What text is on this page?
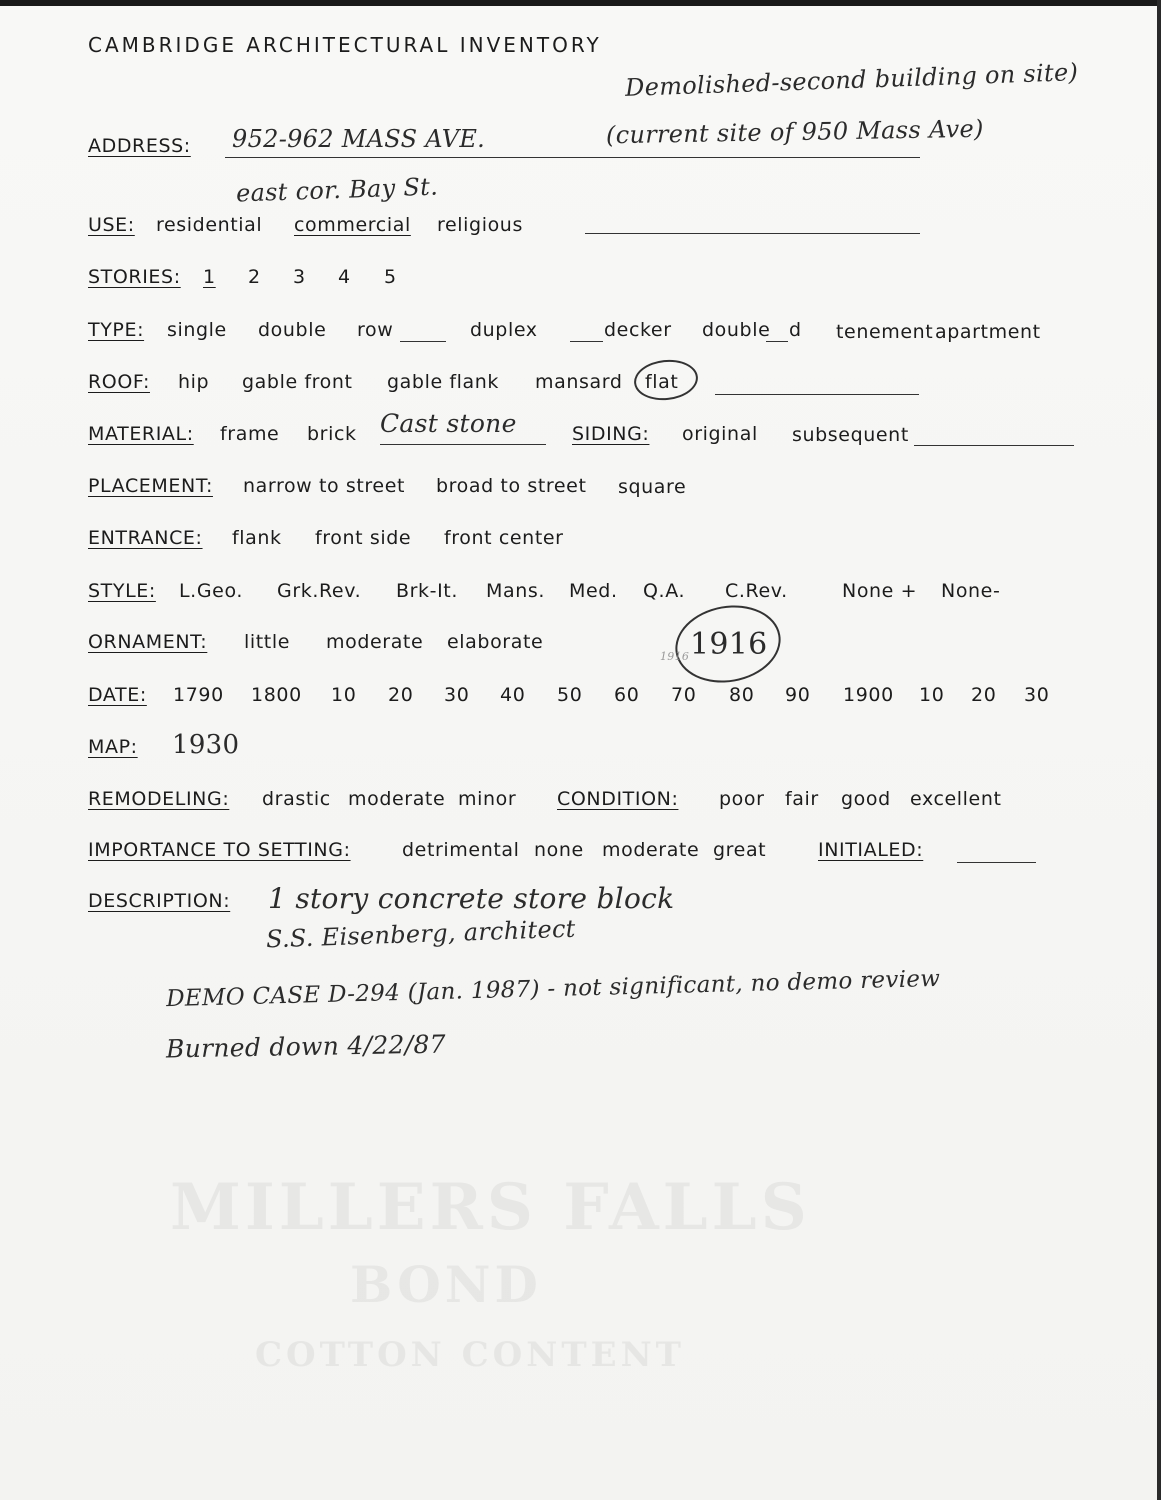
MILLERS FALLS
BOND
COTTON CONTENT
CAMBRIDGE ARCHITECTURAL INVENTORY
Demolished-second building on site)
(current site of 950 Mass Ave)
ADDRESS: 952-962 MASS AVE.
east cor. Bay St.
USE: residential commercial religious
STORIES: 1 2 3 4 5
TYPE: single double row	duplex	decker double d tenement apartment
ROOF: hip gable front gable flank mansard flat
MATERIAL: frame brick Cast stone	SIDING: original subsequent
PLACEMENT: narrow to street broad to street square
ENTRANCE: flank front side front center
STYLE: L.Geo. Grk.Rev. Brk-It. Mans. Med. Q.A. C.Rev.	None + None-
ORNAMENT: little moderate elaborate	1916
1916
DATE: 1790 1800 10 20 30 40 50 60 70 80 90 1900 10 20 30
MAP: 1930
REMODELING: drastic moderate minor CONDITION: poor fair good excellent
IMPORTANCE TO SETTING:	detrimental none moderate great	INITIALED:
DESCRIPTION: 1 story concrete store block
S.S. Eisenberg, architect
DEMO CASE D-294 (Jan. 1987) - not significant, no demo review
Burned down 4/22/87
